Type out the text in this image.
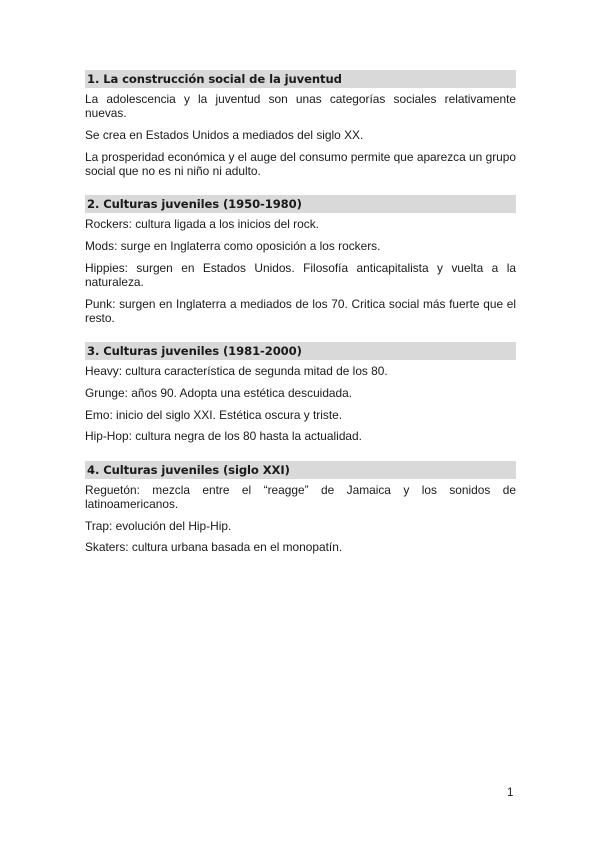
1. La construcción social de la juventud

La adolescencia y la juventud son unas categorías sociales relativamente nuevas.

Se crea en Estados Unidos a mediados del siglo XX.

La prosperidad económica y el auge del consumo permite que aparezca un grupo social que no es ni niño ni adulto.

2. Culturas juveniles (1950-1980)

Rockers: cultura ligada a los inicios del rock.

Mods: surge en Inglaterra como oposición a los rockers.

Hippies: surgen en Estados Unidos. Filosofía anticapitalista y vuelta a la naturaleza.

Punk: surgen en Inglaterra a mediados de los 70. Critica social más fuerte que el resto.

3. Culturas juveniles (1981-2000)

Heavy: cultura característica de segunda mitad de los 80.

Grunge: años 90. Adopta una estética descuidada.

Emo: inicio del siglo XXI. Estética oscura y triste.

Hip-Hop: cultura negra de los 80 hasta la actualidad.

4. Culturas juveniles (siglo XXI)

Reguetón: mezcla entre el “reagge” de Jamaica y los sonidos de latinoamericanos.

Trap: evolución del Hip-Hip.

Skaters: cultura urbana basada en el monopatín.

1
